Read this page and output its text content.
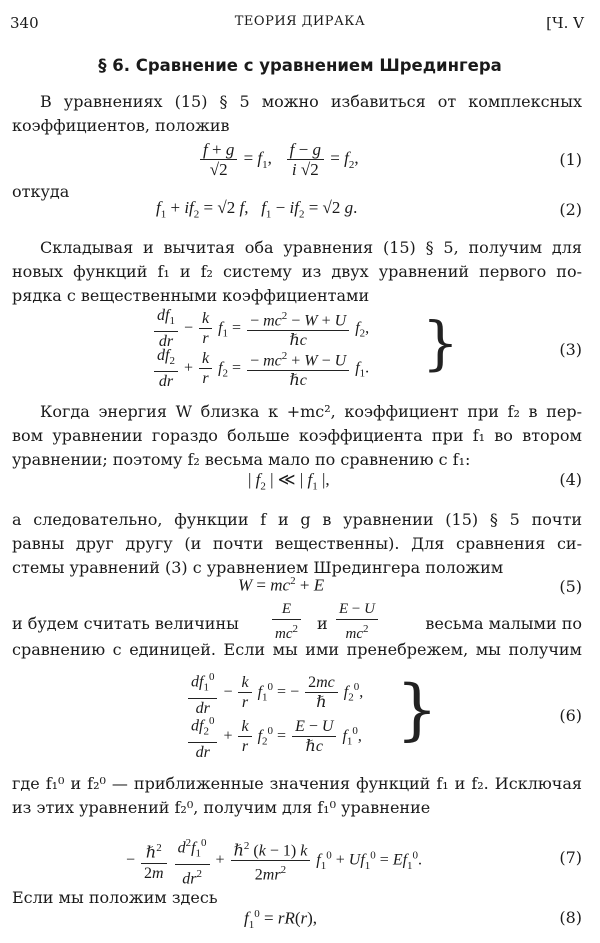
340	ТЕОРИЯ ДИРАКА	[Ч. V
§ 6. Сравнение с уравнением Шредингера
В уравнениях (15) § 5 можно избавиться от комплексных
коэффициентов, положив
$\frac{f + g}{√2} = f_1$, $\frac{f - g}{i √2} = f_2$,	(1)
откуда
$f_1 + if_2 = √2$ f,   $f_1 - if_2 = √2$ g.	(2)
Складывая и вычитая оба уравнения (15) § 5, получим для
новых функций f₁ и f₂ систему из двух уравнений первого по-
рядка с вещественными коэффициентами
$\frac{df_1}{dr} - \frac{k}{r} f_1 = \frac{- mc^2 - W + U}{\text{ℏc}} f_2$,
$\frac{df_2}{dr} + \frac{k}{r} f_2 = \frac{- mc^2 + W - U}{\text{ℏc}} f_1$. }	(3)
Когда энергия W близка к +mc², коэффициент при f₂ в пер-
вом уравнении гораздо больше коэффициента при f₁ во втором
уравнении; поэтому f₂ весьма мало по сравнению с f₁:
| $f_2$ | ≪ | $f_1$ |,	(4)
а следовательно, функции f и g в уравнении (15) § 5 почти
равны друг другу (и почти вещественны). Для сравнения си-
стемы уравнений (3) с уравнением Шредингера положим
$W = mc^2 + E$	(5)
и будем считать величины $\frac{E}{mc^2}$ и $\frac{E - U}{mc^2}$	весьма малыми по
сравнению с единицей. Если мы ими пренебрежем, мы получим
$\frac{df_1^0}{dr} - \frac{k}{r} f_1^0$ = − $\frac{2mc}{\text{ℏ}} f_2^0$,
$\frac{df_2^0}{dr} + \frac{k}{r} f_2^0 = \frac{E - U}{\text{ℏc}} f_1^0$, }	(6)
где f₁⁰ и f₂⁰ — приближенные значения функций f₁ и f₂. Исключая
из этих уравнений f₂⁰, получим для f₁⁰ уравнение
− $\frac{\hbar^2}{2m}$
$\frac{d^2f_1^0}{dr^2} + \frac{\hbar^2 (k - 1) k}{2mr^2} f_1^0 + Uf_1^0 = Ef_1^0$.	(7)
Если мы положим здесь
$f_1^0 = rR(r)$,	(8)
